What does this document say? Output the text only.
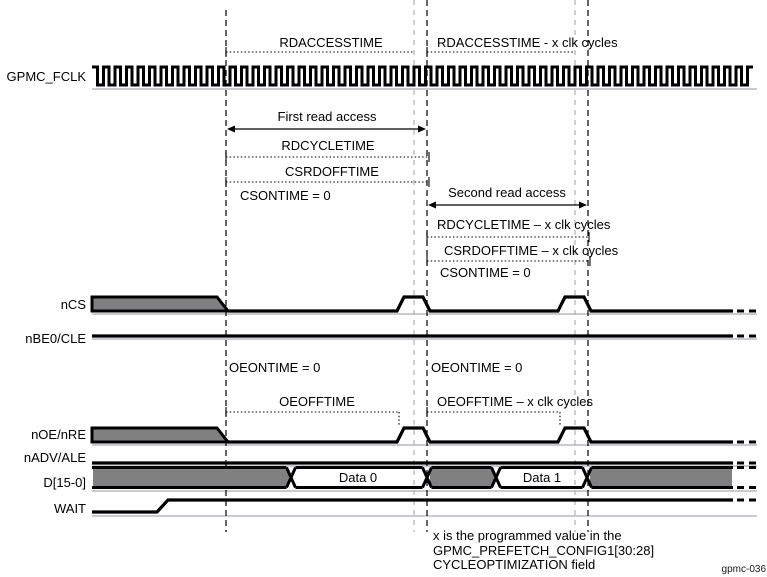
Data 0	Data 1
GPMC_FCLK
nCS
nBE0/CLE
nOE/nRE
nADV/ALE
D[15-0]
WAIT
RDACCESSTIME	RDACCESSTIME - x clk cycles
First read access
RDCYCLETIME
CSRDOFFTIME
CSONTIME = 0	Second read access
RDCYCLETIME – x clk cycles
CSRDOFFTIME – x clk cycles
CSONTIME = 0
OEONTIME = 0
OEOFFTIME
OEONTIME = 0
OEOFFTIME – x clk cycles
x is the programmed value in the
GPMC_PREFETCH_CONFIG1[30:28]
CYCLEOPTIMIZATION field	gpmc-036
